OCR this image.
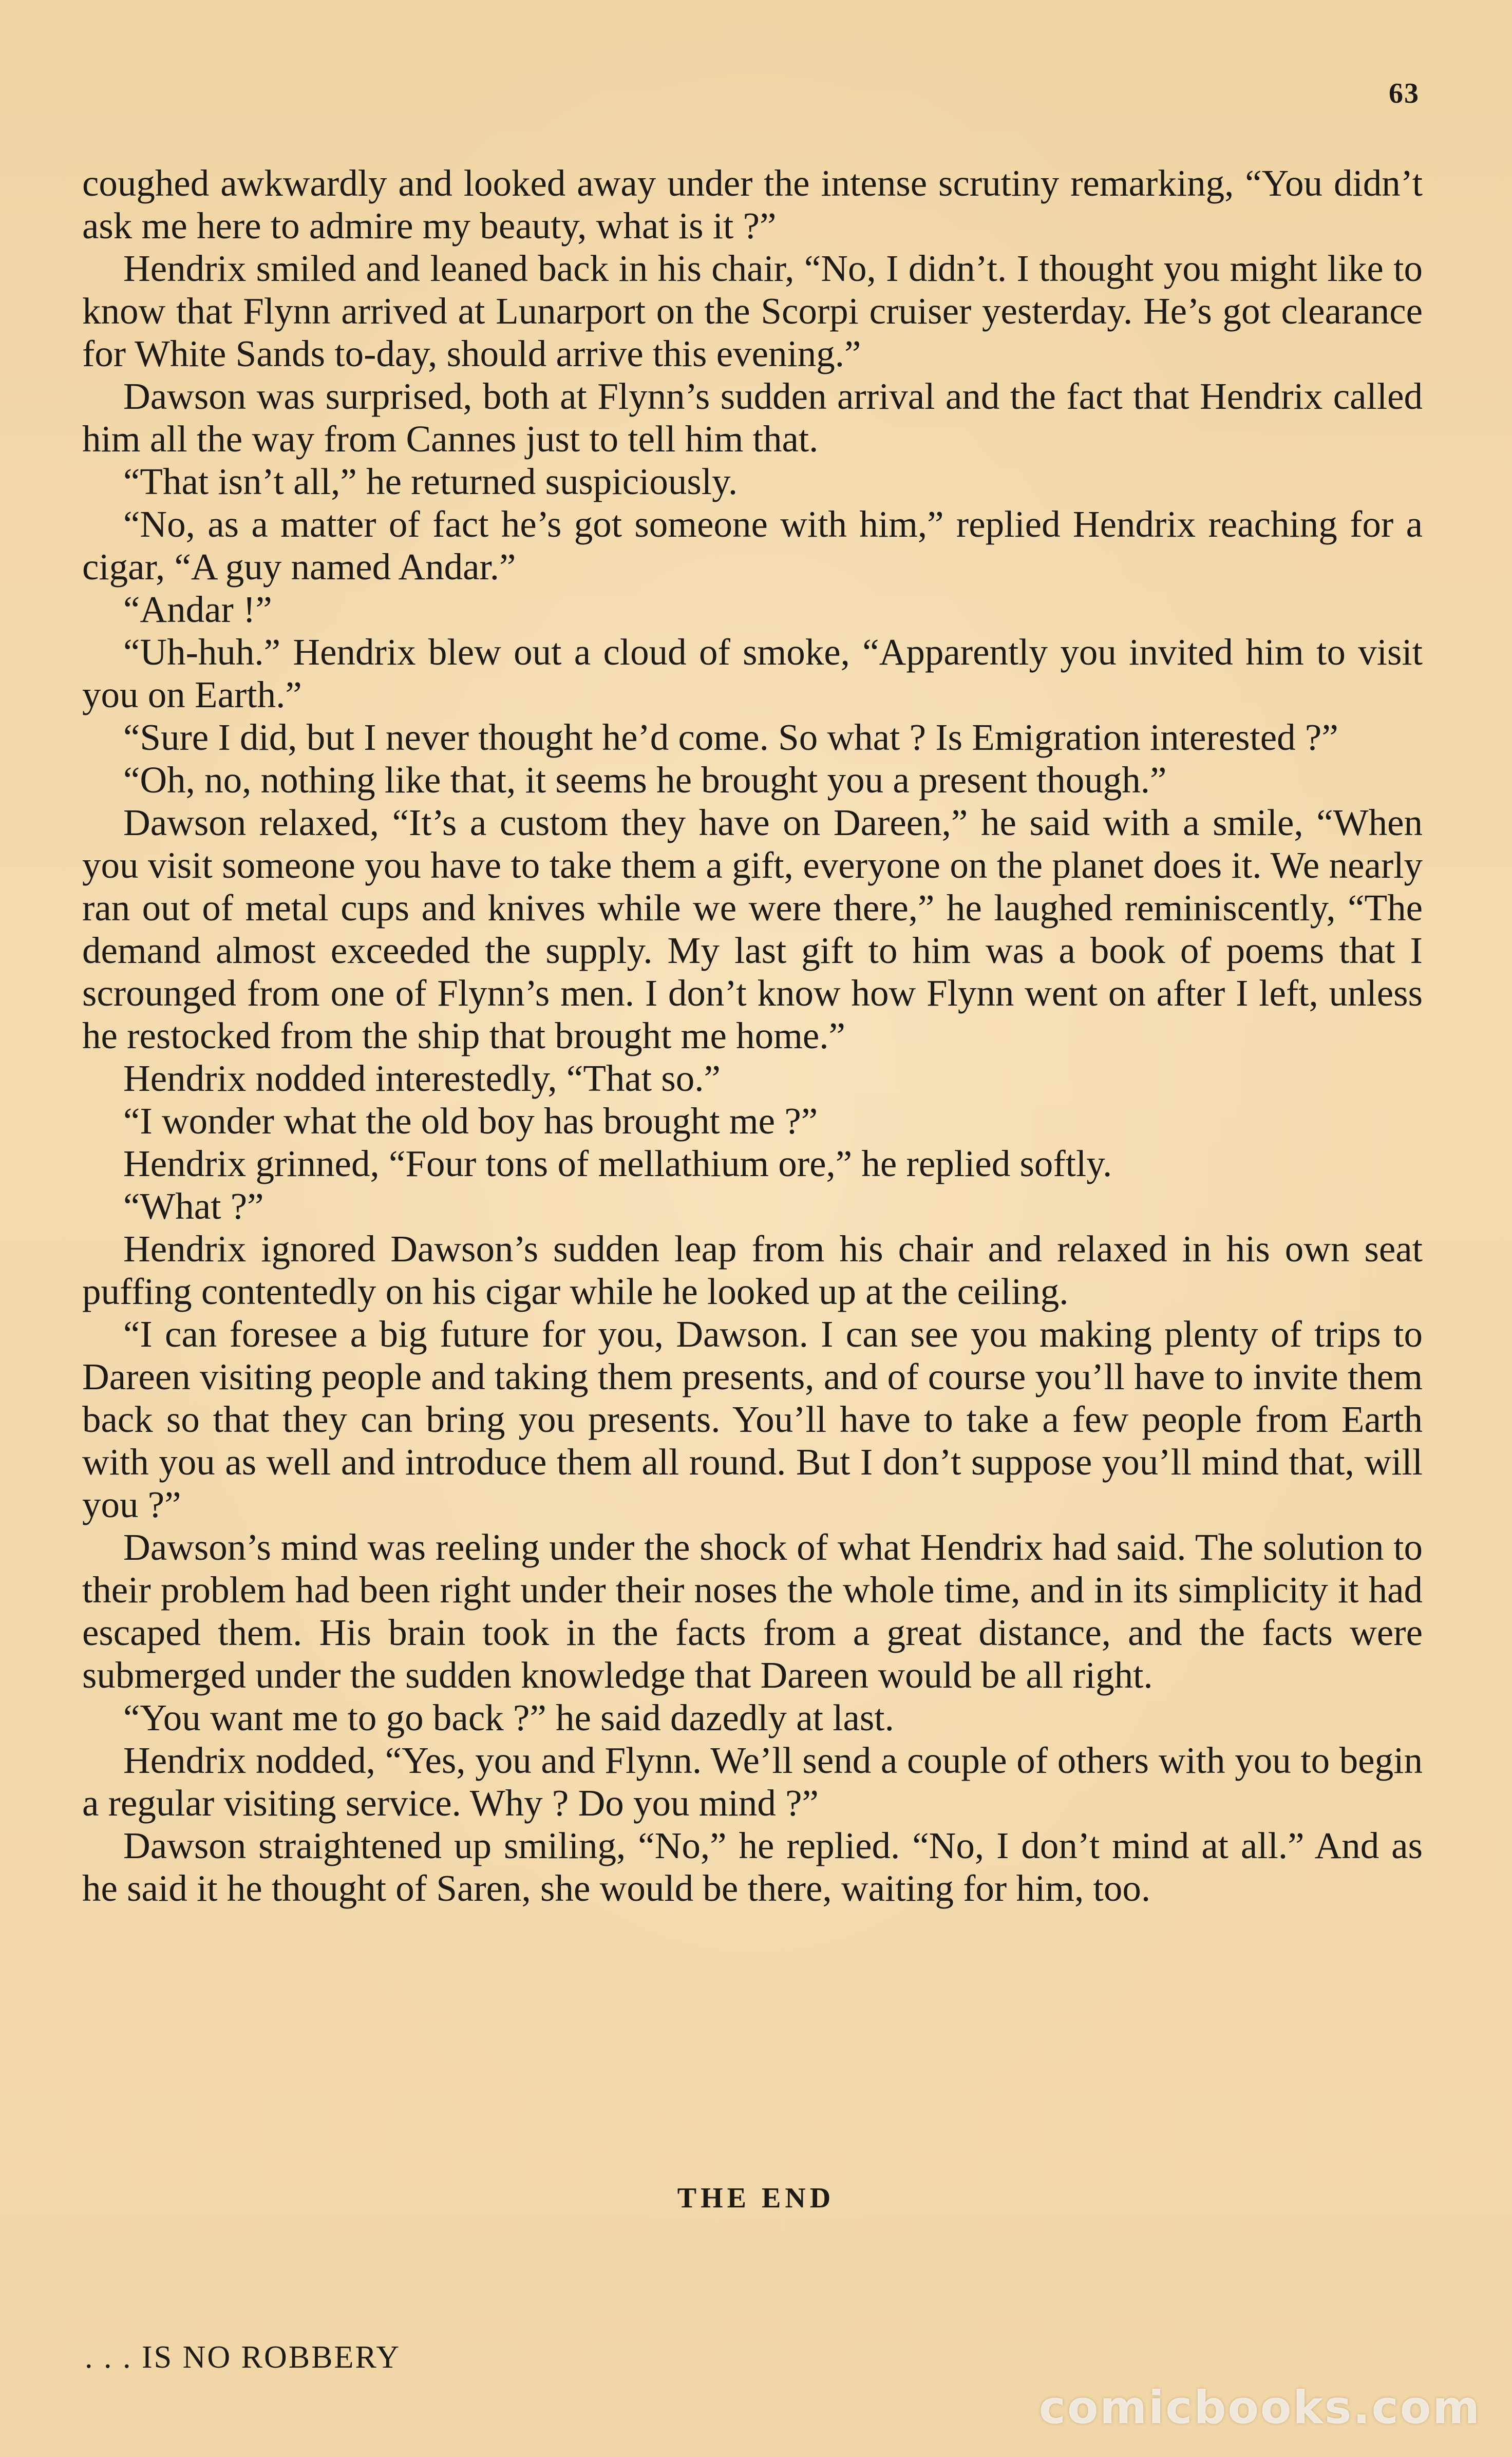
63

coughed awkwardly and looked away under the intense scrutiny remarking, “You didn’t ask me here to admire my beauty, what is it ?”

Hendrix smiled and leaned back in his chair, “No, I didn’t. I thought you might like to know that Flynn arrived at Lunarport on the Scorpi cruiser yesterday. He’s got clearance for White Sands to-day, should arrive this evening.”

Dawson was surprised, both at Flynn’s sudden arrival and the fact that Hendrix called him all the way from Cannes just to tell him that.

“That isn’t all,” he returned suspiciously.

“No, as a matter of fact he’s got someone with him,” replied Hendrix reaching for a cigar, “A guy named Andar.”

“Andar !”

“Uh-huh.” Hendrix blew out a cloud of smoke, “Apparently you invited him to visit you on Earth.”

“Sure I did, but I never thought he’d come. So what ? Is Emigration interested ?”

“Oh, no, nothing like that, it seems he brought you a present though.”

Dawson relaxed, “It’s a custom they have on Dareen,” he said with a smile, “When you visit someone you have to take them a gift, everyone on the planet does it. We nearly ran out of metal cups and knives while we were there,” he laughed reminiscently, “The demand almost exceeded the supply. My last gift to him was a book of poems that I scrounged from one of Flynn’s men. I don’t know how Flynn went on after I left, unless he restocked from the ship that brought me home.”

Hendrix nodded interestedly, “That so.”

“I wonder what the old boy has brought me ?”

Hendrix grinned, “Four tons of mellathium ore,” he replied softly.

“What ?”

Hendrix ignored Dawson’s sudden leap from his chair and relaxed in his own seat puffing contentedly on his cigar while he looked up at the ceiling.

“I can foresee a big future for you, Dawson. I can see you making plenty of trips to Dareen visiting people and taking them presents, and of course you’ll have to invite them back so that they can bring you presents. You’ll have to take a few people from Earth with you as well and introduce them all round. But I don’t suppose you’ll mind that, will you ?”

Dawson’s mind was reeling under the shock of what Hendrix had said. The solution to their problem had been right under their noses the whole time, and in its simplicity it had escaped them. His brain took in the facts from a great distance, and the facts were submerged under the sudden knowledge that Dareen would be all right.

“You want me to go back ?” he said dazedly at last.

Hendrix nodded, “Yes, you and Flynn. We’ll send a couple of others with you to begin a regular visiting service. Why ? Do you mind ?”

Dawson straightened up smiling, “No,” he replied. “No, I don’t mind at all.” And as he said it he thought of Saren, she would be there, waiting for him, too.

THE END
. . . IS NO ROBBERY
comicbooks.com
